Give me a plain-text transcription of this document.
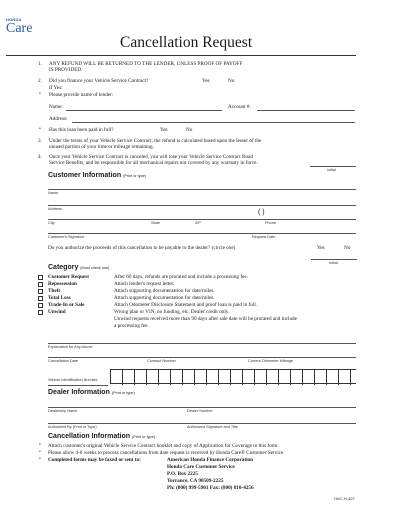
HONDA
Care
Cancellation Request
1. ANY REFUND WILL BE RETURNED TO THE LENDER, UNLESS PROOF OF PAYOFF
IS PROVIDED.
2. Did you finance your Vehicle Service Contract?	Yes	No
If Yes:
• Please provide name of lender:
Name:	Account #:
Address:
• Has this loan been paid in full?	Yes	No
3. Under the terms of your Vehicle Service Contract, the refund is calculated based upon the lesser of the
unused portion of your time or mileage remaining.
4. Once your Vehicle Service Contract is canceled, you will lose your Vehicle Service Contract Road
Service Benefits, and be responsible for all mechanical repairs not covered by any warranty in force.
Initial
Customer Information (Print or type)
Name
Address	( )
City	State	ZIP	Phone
Customer's Signature	Request Date
Do you authorize the proceeds of this cancellation to be payable to the dealer? (circle one)	Yes	No
Initial
Category (Must check one)
Customer Request	After 60 days, refunds are prorated and include a processing fee.
Repossession	Attach lender's request letter.
Theft	Attach supporting documentation for date/miles.
Total Loss	Attach supporting documentation for date/miles.
Trade-In or Sale	Attach Odometer Disclosure Statement and proof loan is paid in full.
Unwind	Wrong plan or VIN, no funding, etc. Dealer credit only.
Unwind requests received more than 90 days after sale date will be prorated and include
a processing fee.
Explanation for Any Above
Cancellation Date	Contract Number	Current Odometer Mileage
Vehicle Identification Number:
Dealer Information (Print or type)
Dealership Name	Dealer Number
Authorized By (Print or Type)	Authorized Signature and Title
Cancellation Information (Print or type)
• Attach customer's original Vehicle Service Contract booklet and copy of Application for Coverage to this form.
• Please allow 4-6 weeks to process cancellations from date request is received by Honda Care® Customer Service.
• Completed forms may be faxed or sent to:	American Honda Finance Corporation
Honda Care Customer Service
P.O. Box 2225
Torrance, CA 90509-2225
Ph: (800) 999-5901 Fax: (800) 810-4256
HAC-H-407
